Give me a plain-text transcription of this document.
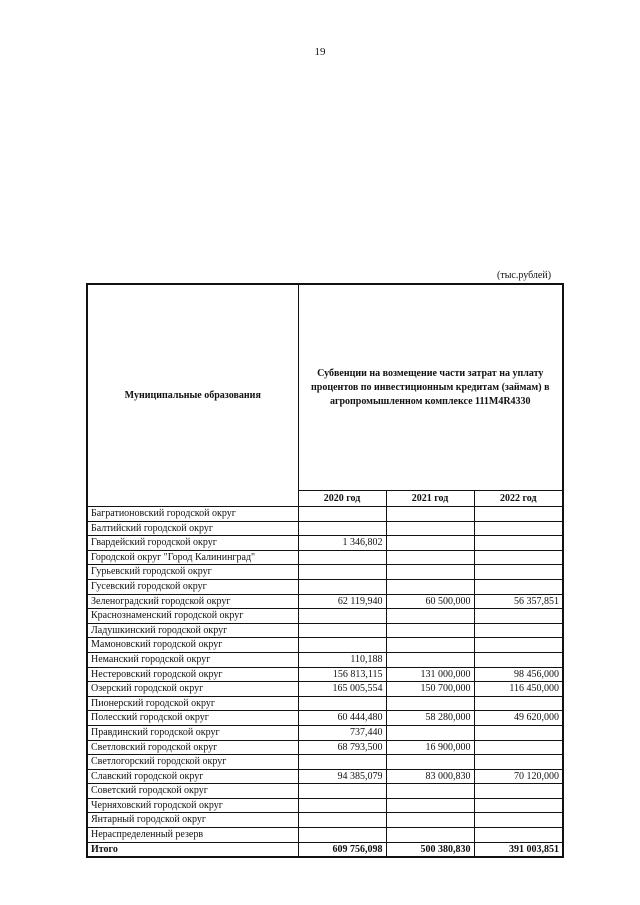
19
(тыс.рублей)
Муниципальные образования	Субвенции на возмещение части затрат на уплату процентов по инвестиционным кредитам (займам) в агропромышленном комплексе 111M4R4330		
	2020 год	2021 год	2022 год
Багратионовский городской округ			
Балтийский городской округ			
Гвардейский городской округ	1 346,802		
Городской округ "Город Калининград"			
Гурьевский городской округ			
Гусевский городской округ			
Зеленоградский городской округ	62 119,940	60 500,000	56 357,851
Краснознаменский городской округ			
Ладушкинский городской округ			
Мамоновский городской округ			
Неманский городской округ	110,188		
Нестеровский городской округ	156 813,115	131 000,000	98 456,000
Озерский городской округ	165 005,554	150 700,000	116 450,000
Пионерский городской округ			
Полесский городской округ	60 444,480	58 280,000	49 620,000
Правдинский городской округ	737,440		
Светловский городской округ	68 793,500	16 900,000	
Светлогорский городской округ			
Славский городской округ	94 385,079	83 000,830	70 120,000
Советский городской округ			
Черняховский городской округ			
Янтарный городской округ			
Нераспределенный резерв			
Итого	609 756,098	500 380,830	391 003,851
